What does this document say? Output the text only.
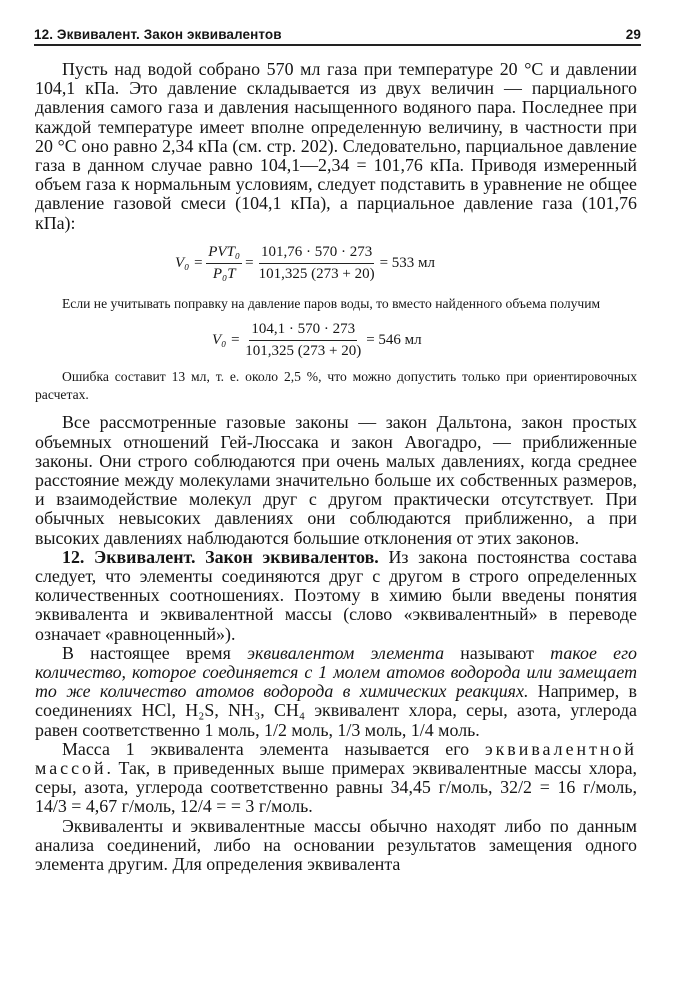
12. Эквивалент. Закон эквивалентов	29

Пусть над водой собрано 570 мл газа при температуре 20 °С и давлении 104,1 кПа. Это давление складывается из двух величин — парциального давления самого газа и давления насыщенного водяного пара. Последнее при каждой температуре имеет вполне определенную величину, в частности при 20 °С оно равно 2,34 кПа (см. стр. 202). Следовательно, парциальное давление газа в данном случае равно 104,1—2,34 = 101,76 кПа. Приводя измеренный объем газа к нормальным условиям, следует подставить в уравнение не общее давление газовой смеси (104,1 кПа), а парциальное давление газа (101,76 кПа):

$V_0 = \frac{\text{PVT₀}}{\text{P₀T}} = \frac{101,76 \cdot 570 \cdot 273}{101,325 (273 + 20)} = 533$ мл

Если не учитывать поправку на давление паров воды, то вместо найденного объема получим

$V_0 = \frac{104,1 \cdot 570 \cdot 273}{101,325 (273 + 20)} = 546$ мл

Ошибка составит 13 мл, т. е. около 2,5 %, что можно допустить только при ориентировочных расчетах.

Все рассмотренные газовые законы — закон Дальтона, закон простых объемных отношений Гей-Люссака и закон Авогадро, — приближенные законы. Они строго соблюдаются при очень малых давлениях, когда среднее расстояние между молекулами значительно больше их собственных размеров, и взаимодействие молекул друг с другом практически отсутствует. При обычных невысоких давлениях они соблюдаются приближенно, а при высоких давлениях наблюдаются большие отклонения от этих законов.

12. Эквивалент. Закон эквивалентов. Из закона постоянства состава следует, что элементы соединяются друг с другом в строго определенных количественных соотношениях. Поэтому в химию были введены понятия эквивалента и эквивалентной массы (слово «эквивалентный» в переводе означает «равноценный»).

В настоящее время эквивалентом элемента называют такое его количество, которое соединяется с 1 молем атомов водорода или замещает то же количество атомов водорода в химических реакциях. Например, в соединениях HCl, H₂S, NH₃, CH₄ эквивалент хлора, серы, азота, углерода равен соответственно 1 моль, 1/2 моль, 1/3 моль, 1/4 моль.

Масса 1 эквивалента элемента называется его эквивалентной массой. Так, в приведенных выше примерах эквивалентные массы хлора, серы, азота, углерода соответственно равны 34,45 г/моль, 32/2 = 16 г/моль, 14/3 = 4,67 г/моль, 12/4 = = 3 г/моль.

Эквиваленты и эквивалентные массы обычно находят либо по данным анализа соединений, либо на основании результатов замещения одного элемента другим. Для определения эквивалента
